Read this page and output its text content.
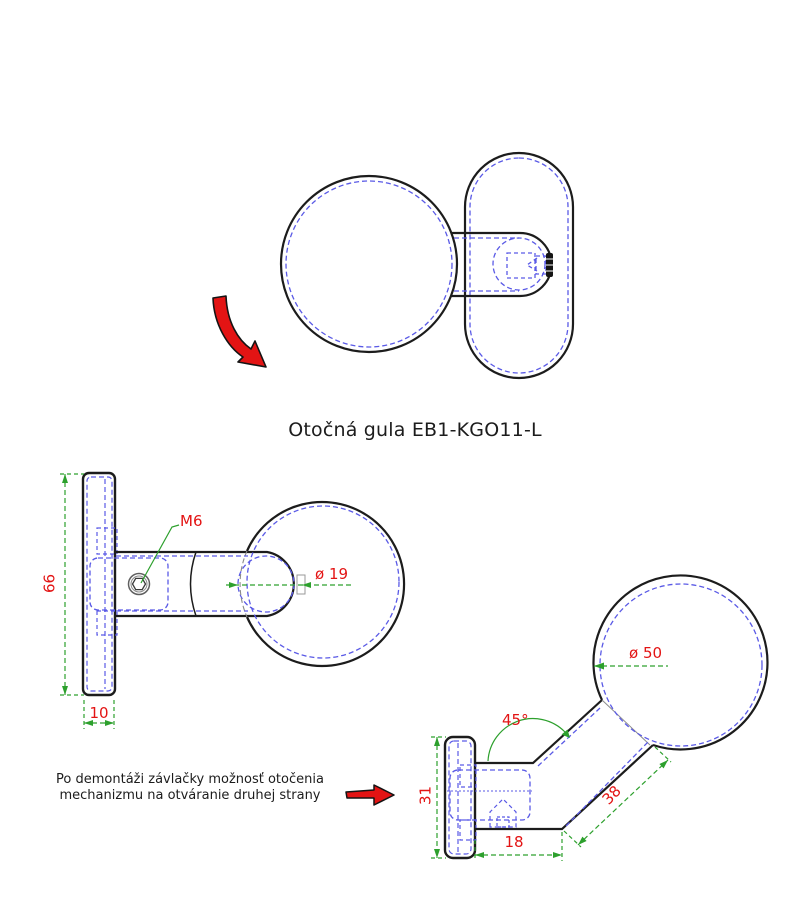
Otočná gula EB1-KGO11-L
Po demontáži závlačky možnosť otočenia
mechanizmu na otváranie druhej strany
66
10
M6
ø 19
ø 50
45°
38
31
18
